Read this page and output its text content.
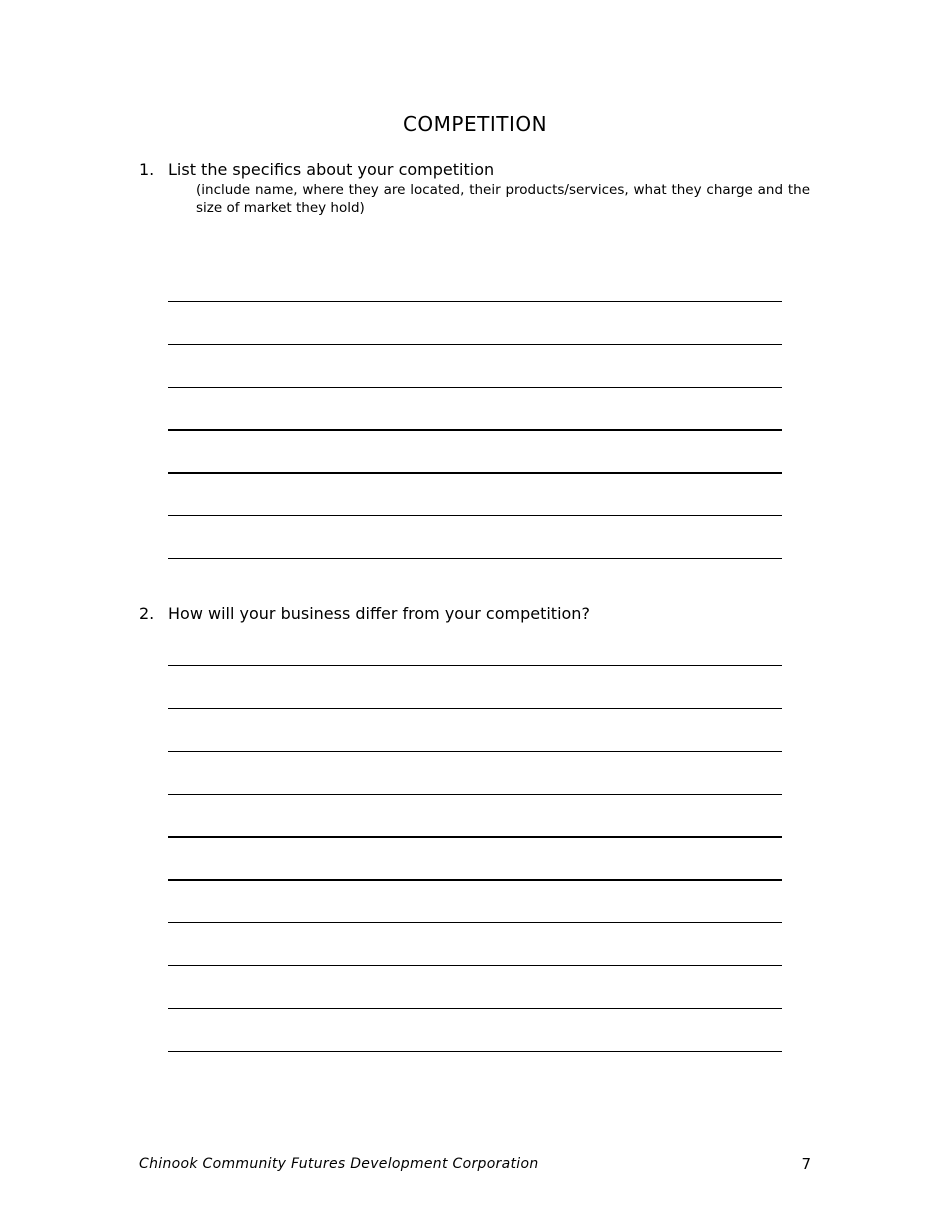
COMPETITION
1. List the specifics about your competition
(include name, where they are located, their products/services, what they charge and the size of market they hold)
2. How will your business differ from your competition?
Chinook Community Futures Development Corporation	7
